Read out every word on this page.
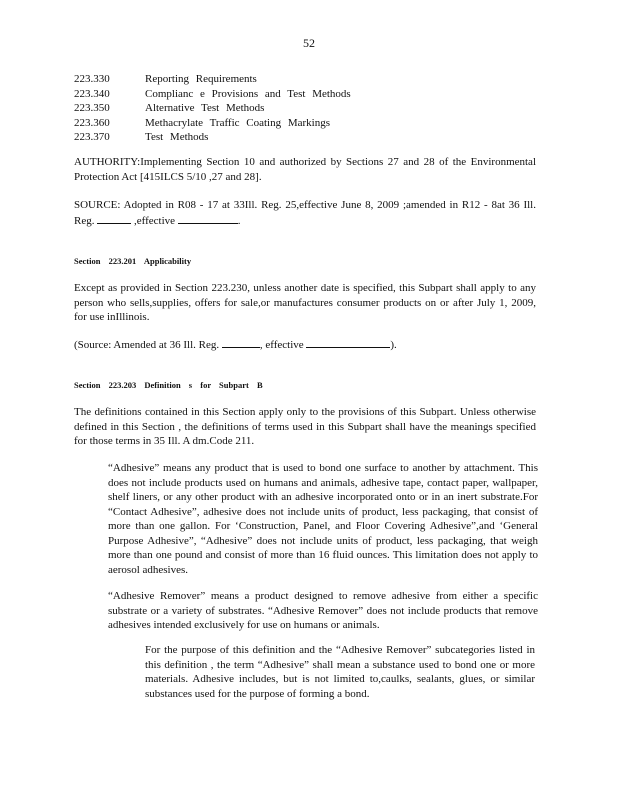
52
223.330	Reporting Requirements
223.340	Complianc e Provisions and Test Methods
223.350	Alternative Test Methods
223.360	Methacrylate Traffic Coating Markings
223.370	Test Methods
AUTHORITY:Implementing Section 10 and authorized by Sections 27 and 28 of the Environmental Protection Act [415ILCS 5/10 ,27 and 28].
SOURCE: Adopted in R08 - 17 at 33Ill. Reg. 25,effective June 8, 2009 ;amended in R12 - 8at 36 Ill. Reg.	,effective	.
Section 223.201 Applicability
Except as provided in Section 223.230, unless another date is specified, this Subpart shall apply to any person who sells,supplies, offers for sale,or manufactures consumer products on or after July 1, 2009, for use inIllinois.
(Source: Amended at 36 Ill. Reg.	, effective	).
Section 223.203 Definition s for Subpart B
The definitions contained in this Section apply only to the provisions of this Subpart. Unless otherwise defined in this Section , the definitions of terms used in this Subpart shall have the meanings specified for those terms in 35 Ill. A dm.Code 211.
“Adhesive” means any product that is used to bond one surface to another by attachment. This does not include products used on humans and animals, adhesive tape, contact paper, wallpaper, shelf liners, or any other product with an adhesive incorporated onto or in an inert substrate.For “Contact Adhesive”, adhesive does not include units of product, less packaging, that consist of more than one gallon. For ‘Construction, Panel, and Floor Covering Adhesive”,and ‘General Purpose Adhesive”, “Adhesive” does not include units of product, less packaging, that weigh more than one pound and consist of more than 16 fluid ounces. This limitation does not apply to aerosol adhesives.
“Adhesive Remover” means a product designed to remove adhesive from either a specific substrate or a variety of substrates. “Adhesive Remover” does not include products that remove adhesives intended exclusively for use on humans or animals.
For the purpose of this definition and the “Adhesive Remover” subcategories listed in this definition , the term “Adhesive” shall mean a substance used to bond one or more materials. Adhesive includes, but is not limited to,caulks, sealants, glues, or similar substances used for the purpose of forming a bond.
